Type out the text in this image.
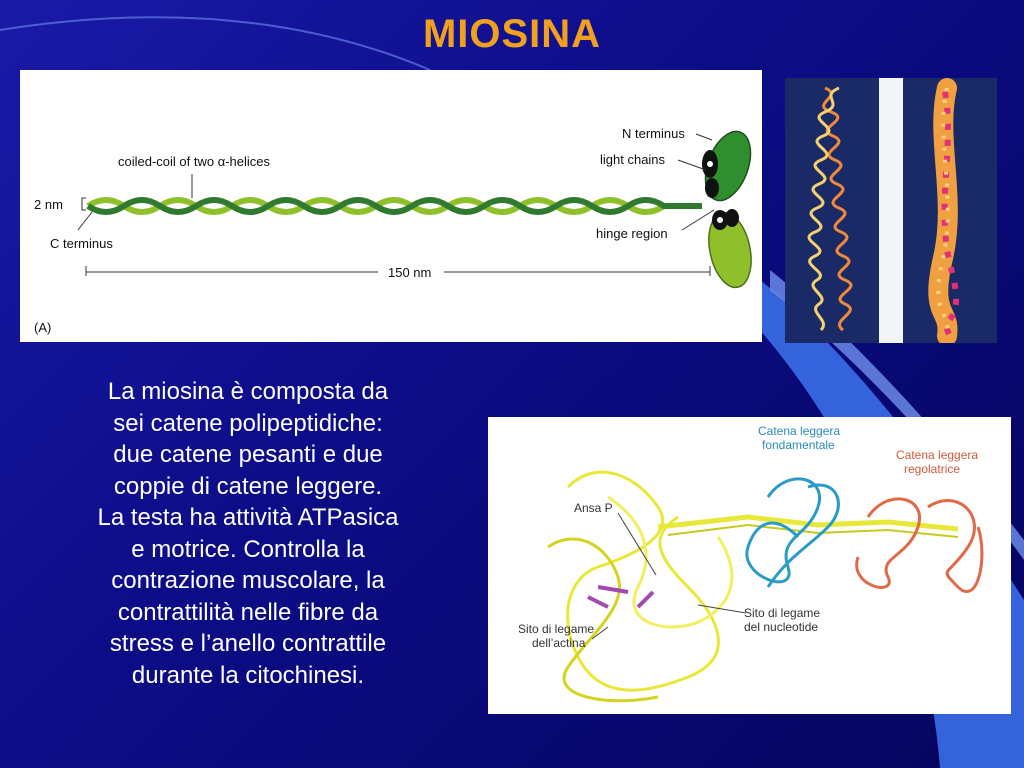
MIOSINA
coiled-coil of two α-helices
N terminus
light chains
2 nm
C terminus
hinge region
150 nm
(A)
La miosina è composta da
sei catene polipeptidiche:
due catene pesanti e due
coppie di catene leggere.
La testa ha attività ATPasica
e motrice. Controlla la
contrazione muscolare, la
contrattilità nelle fibre da
stress e l’anello contrattile
durante la citochinesi.
Catena leggera
fondamentale
Catena leggera
regolatrice
Ansa P
Sito di legame
dell’actina
Sito di legame
del nucleotide
